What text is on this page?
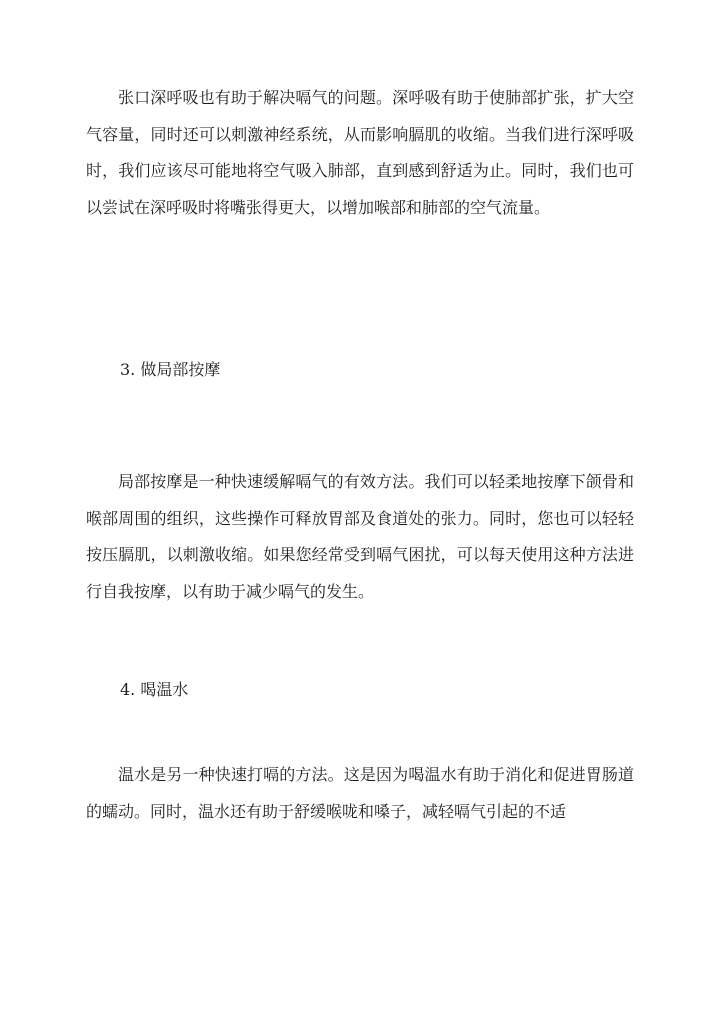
张口深呼吸也有助于解决嗝气的问题。深呼吸有助于使肺部扩张，扩大空气容量，同时还可以刺激神经系统，从而影响膈肌的收缩。当我们进行深呼吸时，我们应该尽可能地将空气吸入肺部，直到感到舒适为止。同时，我们也可以尝试在深呼吸时将嘴张得更大，以增加喉部和肺部的空气流量。

3. 做局部按摩

局部按摩是一种快速缓解嗝气的有效方法。我们可以轻柔地按摩下颌骨和喉部周围的组织，这些操作可释放胃部及食道处的张力。同时，您也可以轻轻按压膈肌，以刺激收缩。如果您经常受到嗝气困扰，可以每天使用这种方法进行自我按摩，以有助于减少嗝气的发生。

4. 喝温水

温水是另一种快速打嗝的方法。这是因为喝温水有助于消化和促进胃肠道的蠕动。同时，温水还有助于舒缓喉咙和嗓子，减轻嗝气引起的不适
